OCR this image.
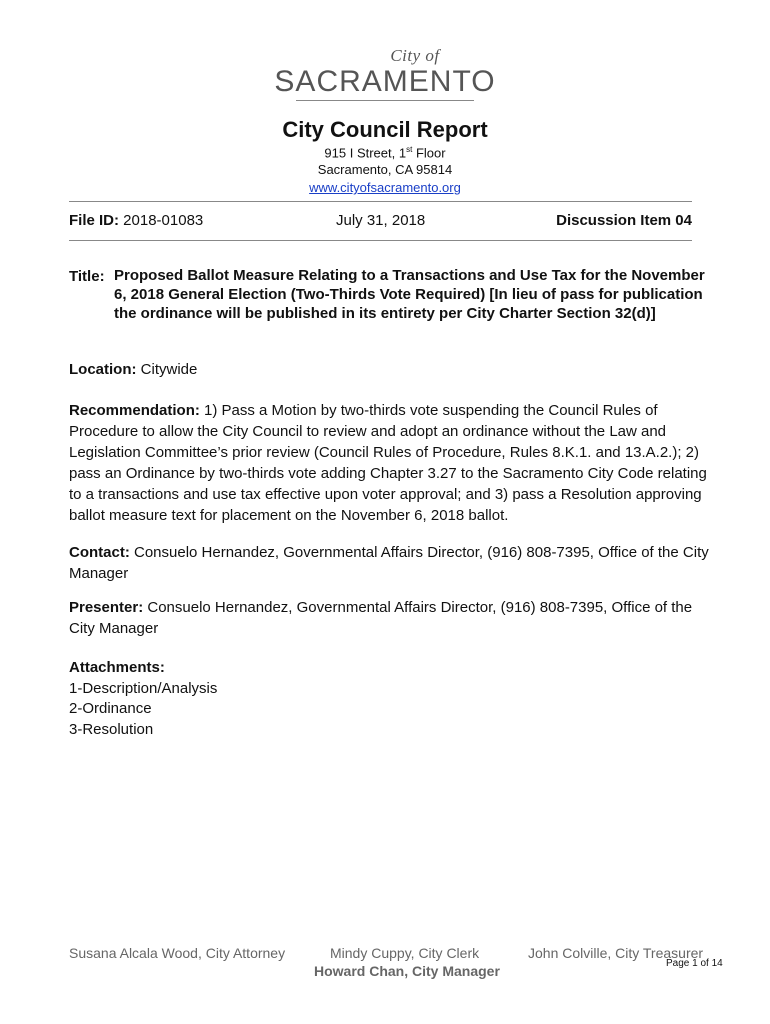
City of
SACRAMENTO
City Council Report
915 I Street, 1st Floor
Sacramento, CA 95814
www.cityofsacramento.org
File ID: 2018-01083	July 31, 2018	Discussion Item 04
Title: Proposed Ballot Measure Relating to a Transactions and Use Tax for the November 6, 2018 General Election (Two-Thirds Vote Required) [In lieu of pass for publication the ordinance will be published in its entirety per City Charter Section 32(d)]
Location: Citywide
Recommendation: 1) Pass a Motion by two-thirds vote suspending the Council Rules of Procedure to allow the City Council to review and adopt an ordinance without the Law and Legislation Committee’s prior review (Council Rules of Procedure, Rules 8.K.1. and 13.A.2.); 2) pass an Ordinance by two-thirds vote adding Chapter 3.27 to the Sacramento City Code relating to a transactions and use tax effective upon voter approval; and 3) pass a Resolution approving ballot measure text for placement on the November 6, 2018 ballot.
Contact: Consuelo Hernandez, Governmental Affairs Director, (916) 808-7395, Office of the City Manager
Presenter: Consuelo Hernandez, Governmental Affairs Director, (916) 808-7395, Office of the City Manager
Attachments:
1-Description/Analysis
2-Ordinance
3-Resolution
Susana Alcala Wood, City Attorney	Mindy Cuppy, City Clerk	John Colville, City Treasurer
Howard Chan, City Manager	Page 1 of 14
